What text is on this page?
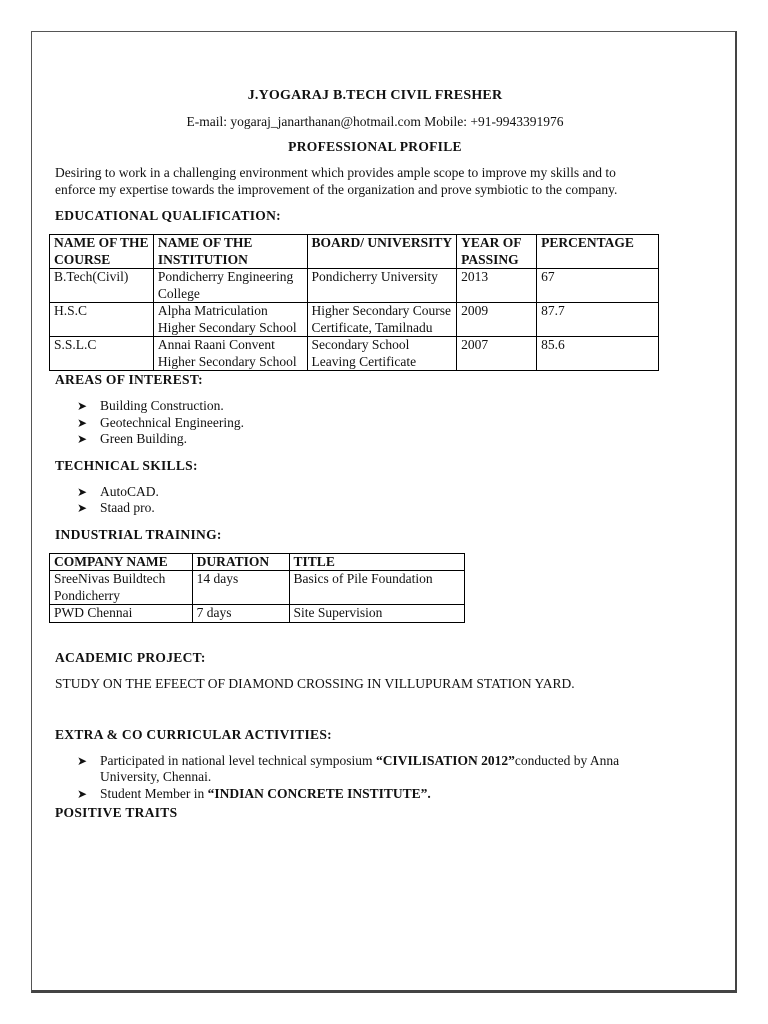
J.YOGARAJ B.TECH CIVIL FRESHER
E-mail: yogaraj_janarthanan@hotmail.com Mobile: +91-9943391976
PROFESSIONAL PROFILE
Desiring to work in a challenging environment which provides ample scope to improve my skills and to enforce my expertise towards the improvement of the organization and prove symbiotic to the company.
EDUCATIONAL QUALIFICATION:
NAME OF THE COURSE	NAME OF THE INSTITUTION	BOARD/ UNIVERSITY	YEAR OF PASSING	PERCENTAGE
B.Tech(Civil)	Pondicherry Engineering College	Pondicherry University	2013	67
H.S.C	Alpha Matriculation Higher Secondary School	Higher Secondary Course Certificate, Tamilnadu	2009	87.7
S.S.L.C	Annai Raani Convent Higher Secondary School	Secondary School Leaving Certificate	2007	85.6
AREAS OF INTEREST:
➤ Building Construction.
➤ Geotechnical Engineering.
➤ Green Building.
TECHNICAL SKILLS:
➤ AutoCAD.
➤ Staad pro.
INDUSTRIAL TRAINING:
COMPANY NAME	DURATION	TITLE
SreeNivas Buildtech Pondicherry	14 days	Basics of Pile Foundation
PWD Chennai	7 days	Site Supervision
ACADEMIC PROJECT:
STUDY ON THE EFEECT OF DIAMOND CROSSING IN VILLUPURAM STATION YARD.
EXTRA & CO CURRICULAR ACTIVITIES:
➤ Participated in national level technical symposium “CIVILISATION 2012”conducted by Anna University, Chennai.
➤ Student Member in “INDIAN CONCRETE INSTITUTE”.
POSITIVE TRAITS
